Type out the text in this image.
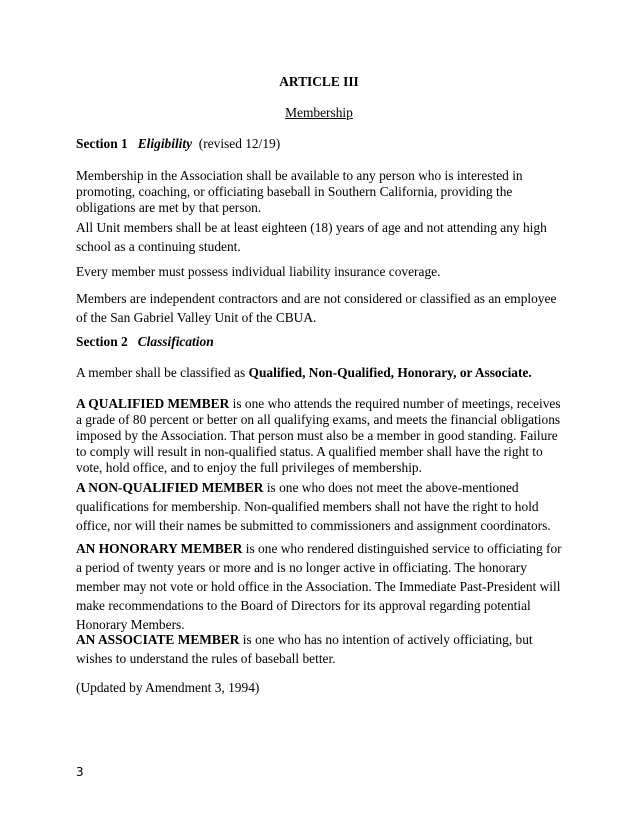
ARTICLE III
Membership

Section 1 Eligibility (revised 12/19)

Membership in the Association shall be available to any person who is interested in promoting, coaching, or officiating baseball in Southern California, providing the obligations are met by that person.

All Unit members shall be at least eighteen (18) years of age and not attending any high school as a continuing student.

Every member must possess individual liability insurance coverage.

Members are independent contractors and are not considered or classified as an employee of the San Gabriel Valley Unit of the CBUA.

Section 2 Classification

A member shall be classified as Qualified, Non-Qualified, Honorary, or Associate.

A QUALIFIED MEMBER is one who attends the required number of meetings, receives a grade of 80 percent or better on all qualifying exams, and meets the financial obligations imposed by the Association. That person must also be a member in good standing. Failure to comply will result in non-qualified status. A qualified member shall have the right to vote, hold office, and to enjoy the full privileges of membership.

A NON-QUALIFIED MEMBER is one who does not meet the above-mentioned qualifications for membership. Non-qualified members shall not have the right to hold office, nor will their names be submitted to commissioners and assignment coordinators.

AN HONORARY MEMBER is one who rendered distinguished service to officiating for a period of twenty years or more and is no longer active in officiating. The honorary member may not vote or hold office in the Association. The Immediate Past-President will make recommendations to the Board of Directors for its approval regarding potential Honorary Members.

AN ASSOCIATE MEMBER is one who has no intention of actively officiating, but wishes to understand the rules of baseball better.

(Updated by Amendment 3, 1994)

3
